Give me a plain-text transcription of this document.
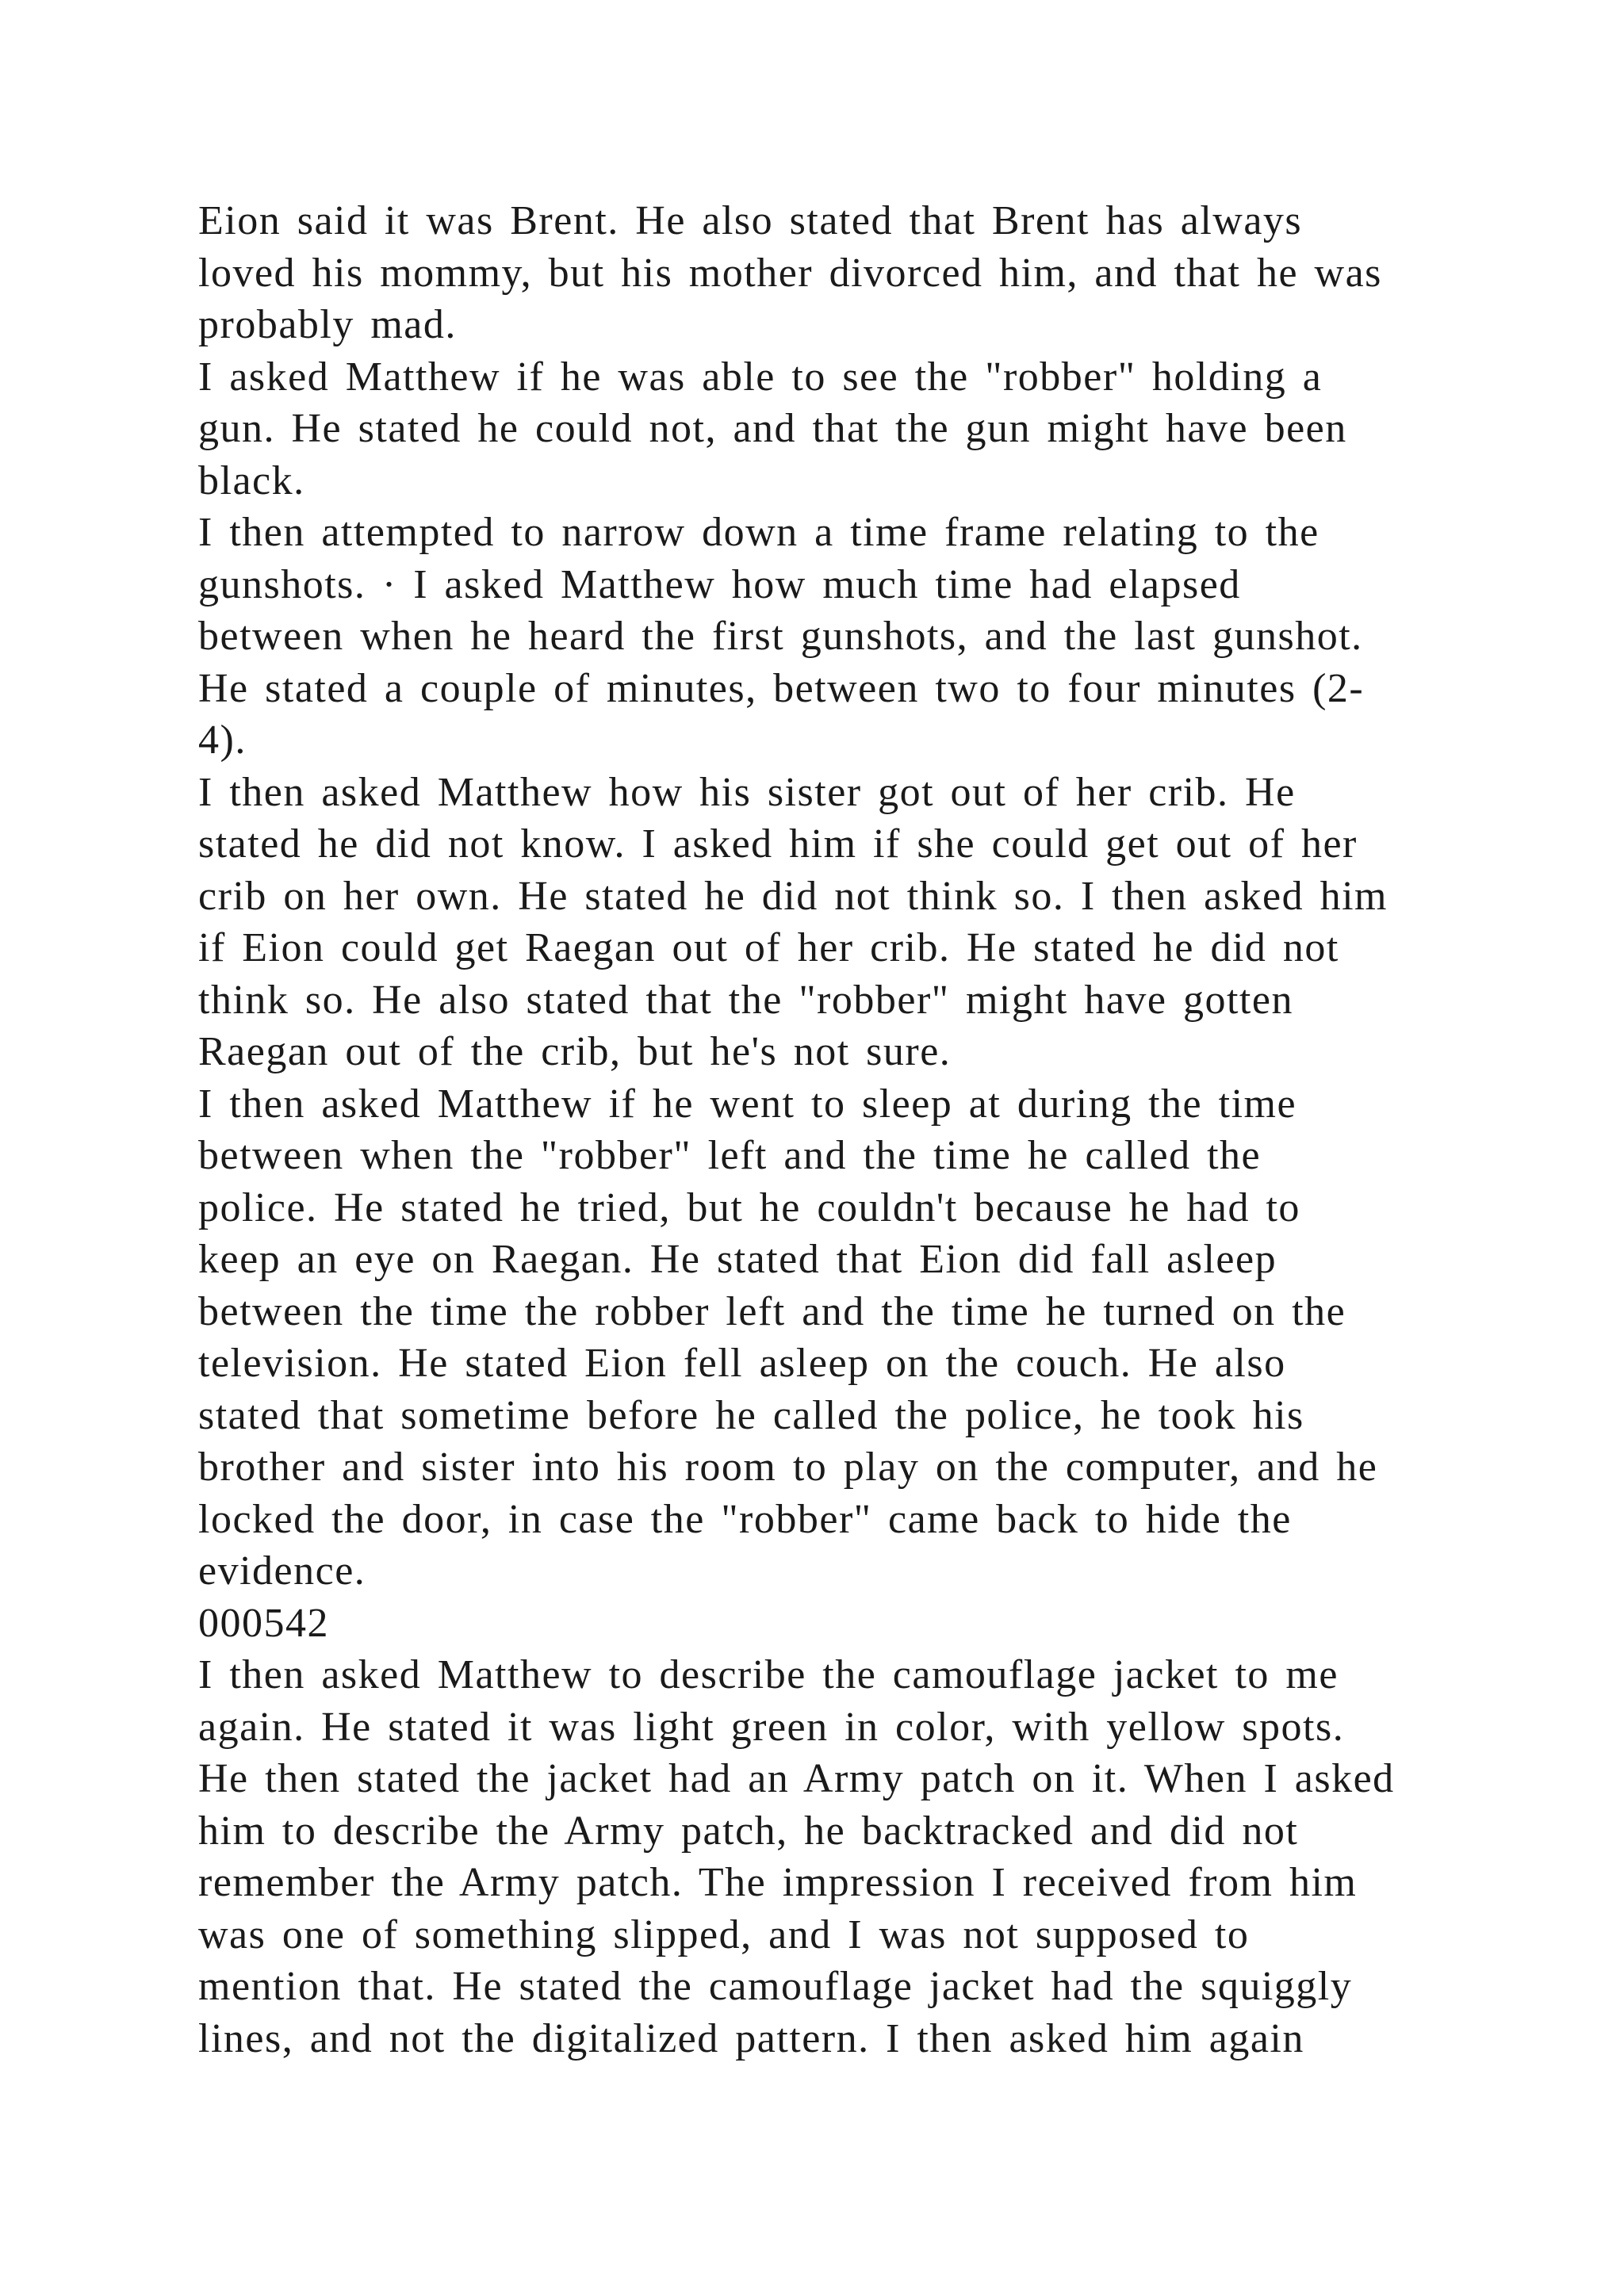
Eion said it was Brent. He also stated that Brent has always
loved his mommy, but his mother divorced him, and that he was
probably mad.
I asked Matthew if he was able to see the "robber" holding a
gun. He stated he could not, and that the gun might have been
black.
I then attempted to narrow down a time frame relating to the
gunshots. · I asked Matthew how much time had elapsed
between when he heard the first gunshots, and the last gunshot.
He stated a couple of minutes, between two to four minutes (2-
4).
I then asked Matthew how his sister got out of her crib. He
stated he did not know. I asked him if she could get out of her
crib on her own. He stated he did not think so. I then asked him
if Eion could get Raegan out of her crib. He stated he did not
think so. He also stated that the "robber" might have gotten
Raegan out of the crib, but he's not sure.
I then asked Matthew if he went to sleep at during the time
between when the "robber" left and the time he called the
police. He stated he tried, but he couldn't because he had to
keep an eye on Raegan. He stated that Eion did fall asleep
between the time the robber left and the time he turned on the
television. He stated Eion fell asleep on the couch. He also
stated that sometime before he called the police, he took his
brother and sister into his room to play on the computer, and he
locked the door, in case the "robber" came back to hide the
evidence.
000542
I then asked Matthew to describe the camouflage jacket to me
again. He stated it was light green in color, with yellow spots.
He then stated the jacket had an Army patch on it. When I asked
him to describe the Army patch, he backtracked and did not
remember the Army patch. The impression I received from him
was one of something slipped, and I was not supposed to
mention that. He stated the camouflage jacket had the squiggly
lines, and not the digitalized pattern. I then asked him again
